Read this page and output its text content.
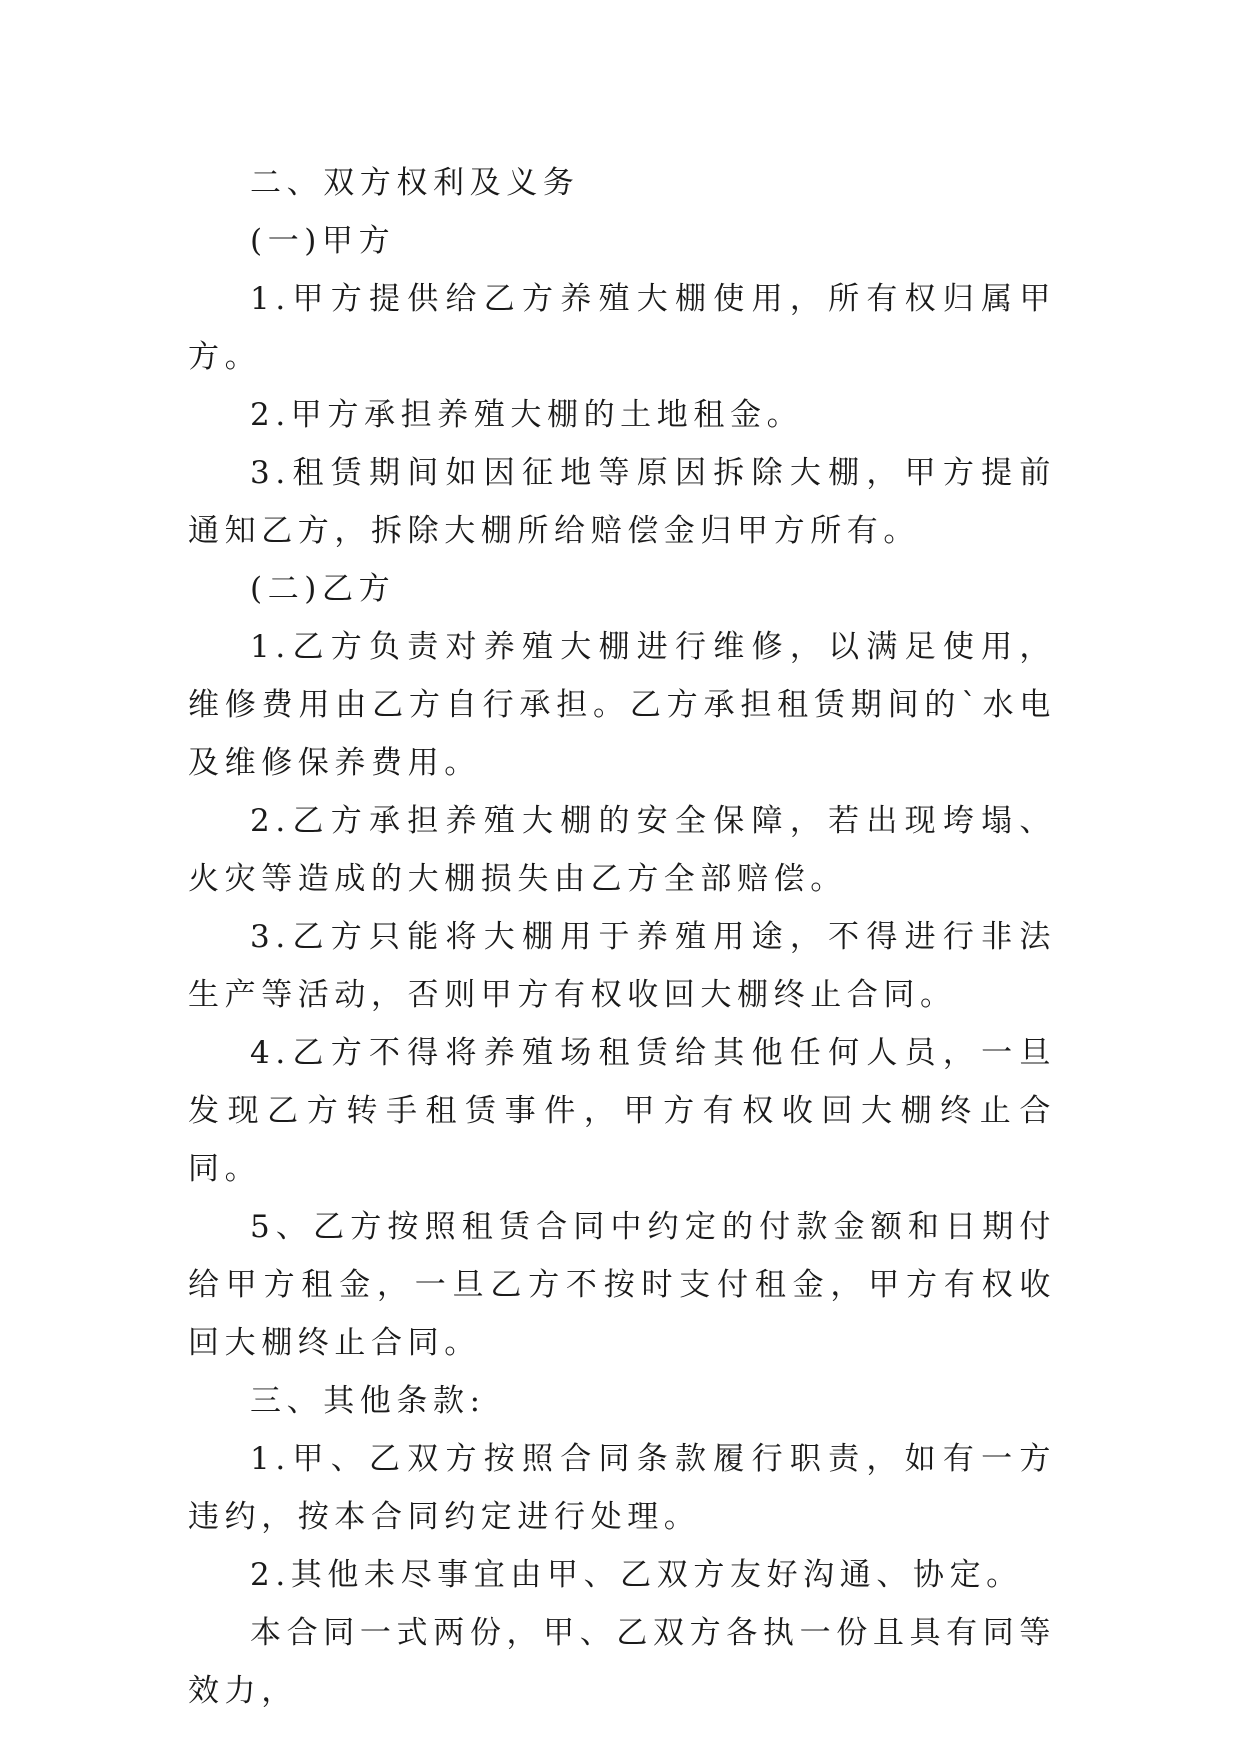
二、双方权利及义务

(一)甲方

1.甲方提供给乙方养殖大棚使用，所有权归属甲方。

2.甲方承担养殖大棚的土地租金。

3.租赁期间如因征地等原因拆除大棚，甲方提前通知乙方，拆除大棚所给赔偿金归甲方所有。

(二)乙方

1.乙方负责对养殖大棚进行维修，以满足使用，维修费用由乙方自行承担。乙方承担租赁期间的`水电及维修保养费用。

2.乙方承担养殖大棚的安全保障，若出现垮塌、火灾等造成的大棚损失由乙方全部赔偿。

3.乙方只能将大棚用于养殖用途，不得进行非法生产等活动，否则甲方有权收回大棚终止合同。

4.乙方不得将养殖场租赁给其他任何人员，一旦发现乙方转手租赁事件，甲方有权收回大棚终止合同。

5、乙方按照租赁合同中约定的付款金额和日期付给甲方租金，一旦乙方不按时支付租金，甲方有权收回大棚终止合同。

三、其他条款:

1.甲、乙双方按照合同条款履行职责，如有一方违约，按本合同约定进行处理。

2.其他未尽事宜由甲、乙双方友好沟通、协定。

本合同一式两份，甲、乙双方各执一份且具有同等效力，
